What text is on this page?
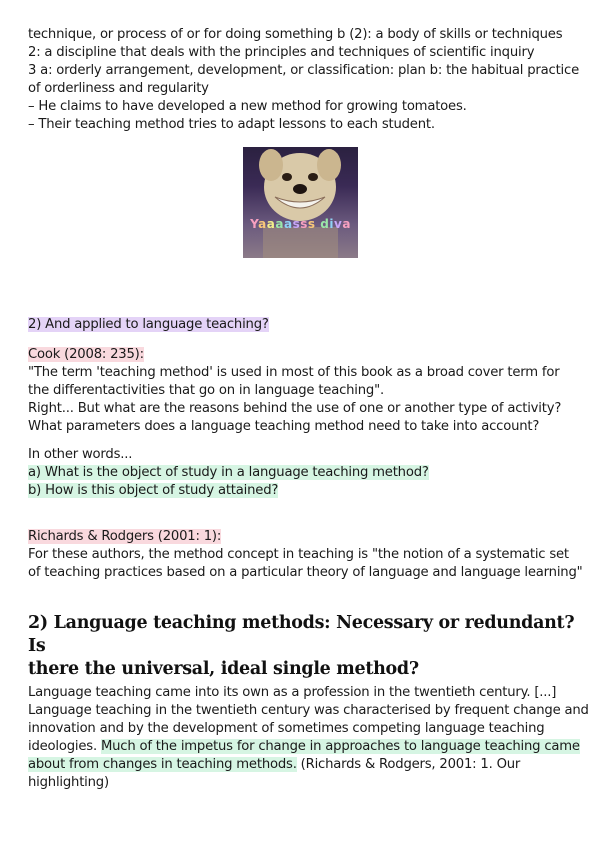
technique, or process of or for doing something b (2): a body of skills or techniques
2: a discipline that deals with the principles and techniques of scientific inquiry
3 a: orderly arrangement, development, or classification: plan b: the habitual practice
of orderliness and regularity
– He claims to have developed a new method for growing tomatoes.
– Their teaching method tries to adapt lessons to each student.
Yaaaasss diva
2) And applied to language teaching?
Cook (2008: 235):
"The term 'teaching method' is used in most of this book as a broad cover term for
the differentactivities that go on in language teaching".
Right... But what are the reasons behind the use of one or another type of activity?
What parameters does a language teaching method need to take into account?
In other words...
a) What is the object of study in a language teaching method?
b) How is this object of study attained?
Richards & Rodgers (2001: 1):
For these authors, the method concept in teaching is "the notion of a systematic set
of teaching practices based on a particular theory of language and language learning"
2) Language teaching methods: Necessary or redundant? Is
there the universal, ideal single method?
Language teaching came into its own as a profession in the twentieth century. [...]
Language teaching in the twentieth century was characterised by frequent change and
innovation and by the development of sometimes competing language teaching
ideologies. Much of the impetus for change in approaches to language teaching came
about from changes in teaching methods. (Richards & Rodgers, 2001: 1. Our
highlighting)
